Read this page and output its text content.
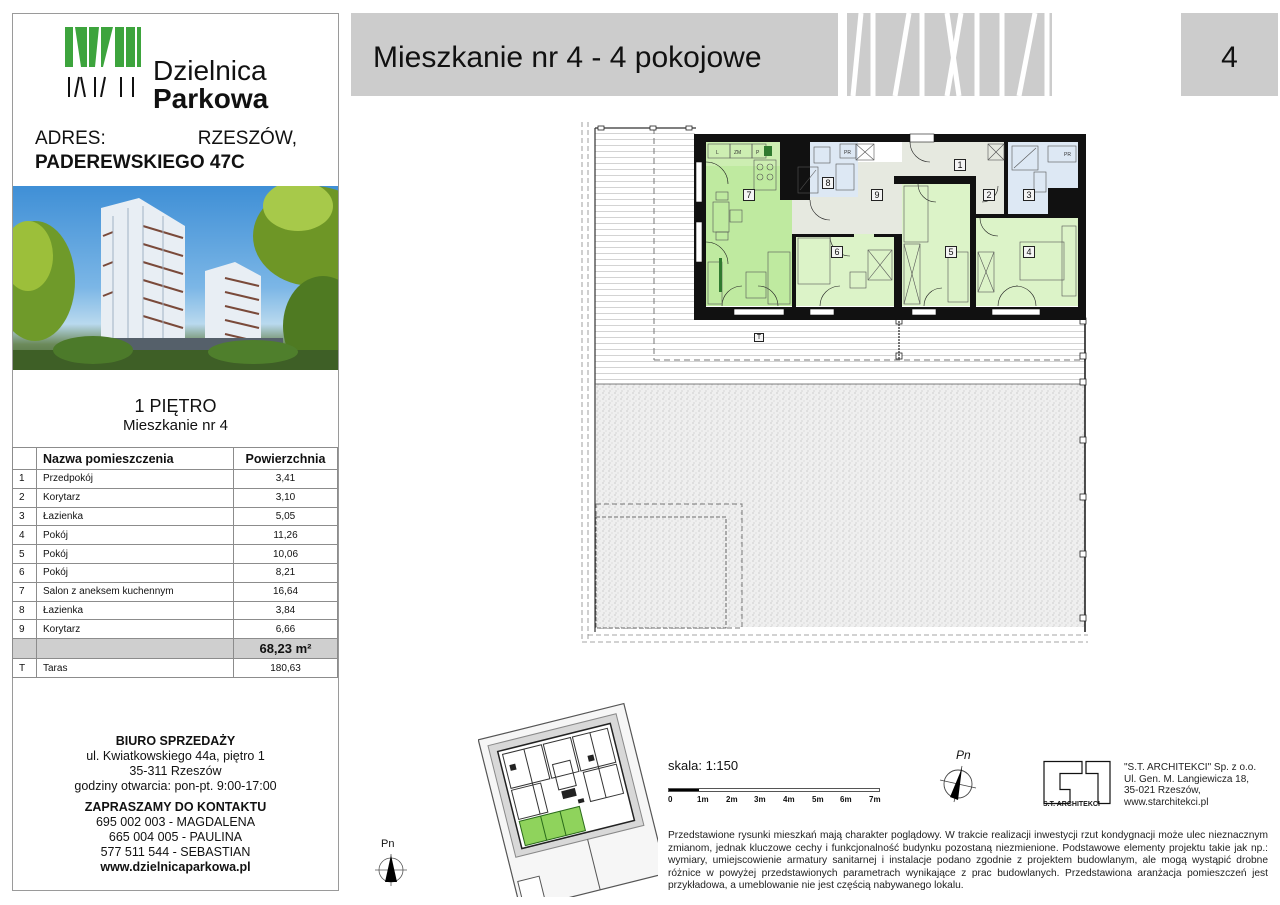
Dzielnica
Parkowa
ADRES:	RZESZÓW,
PADEREWSKIEGO 47C
1 PIĘTRO
Mieszkanie nr 4
	Nazwa pomieszczenia	Powierzchnia
1	Przedpokój	3,41
2	Korytarz	3,10
3	Łazienka	5,05
4	Pokój	11,26
5	Pokój	10,06
6	Pokój	8,21
7	Salon z aneksem kuchennym	16,64
8	Łazienka	3,84
9	Korytarz	6,66
		68,23 m²
T	Taras	180,63
BIURO SPRZEDAŻY
ul. Kwiatkowskiego 44a, piętro 1
35-311 Rzeszów
godziny otwarcia: pon-pt. 9:00-17:00
ZAPRASZAMY DO KONTAKTU
695 002 003 - MAGDALENA
665 004 005 - PAULINA
577 511 544 - SEBASTIAN
www.dzielnicaparkowa.pl
Mieszkanie nr 4 - 4 pokojowe	4
L	ZM	P	PR	PR
7
8
9
1
2	3
6	5	4
T
Pn
skala: 1:150
0	1m 2m 3m 4m 5m 6m 7m
Pn
S.T. ARCHITEKCI
"S.T. ARCHITEKCI" Sp. z o.o.
Ul. Gen. M. Langiewicza 18,
35-021 Rzeszów,
www.starchitekci.pl
Przedstawione rysunki mieszkań mają charakter poglądowy. W trakcie realizacji inwestycji rzut kondygnacji może ulec nieznacznym zmianom, jednak kluczowe cechy i funkcjonalność budynku pozostaną niezmienione. Podstawowe elementy projektu takie jak np.: wymiary, umiejscowienie armatury sanitarnej i instalacje podano zgodnie z projektem budowlanym, ale mogą wystąpić drobne różnice w powyżej przedstawionych parametrach wynikające z prac budowlanych. Przedstawiona aranżacja pomieszczeń jest przykładowa, a umeblowanie nie jest częścią nabywanego lokalu.
